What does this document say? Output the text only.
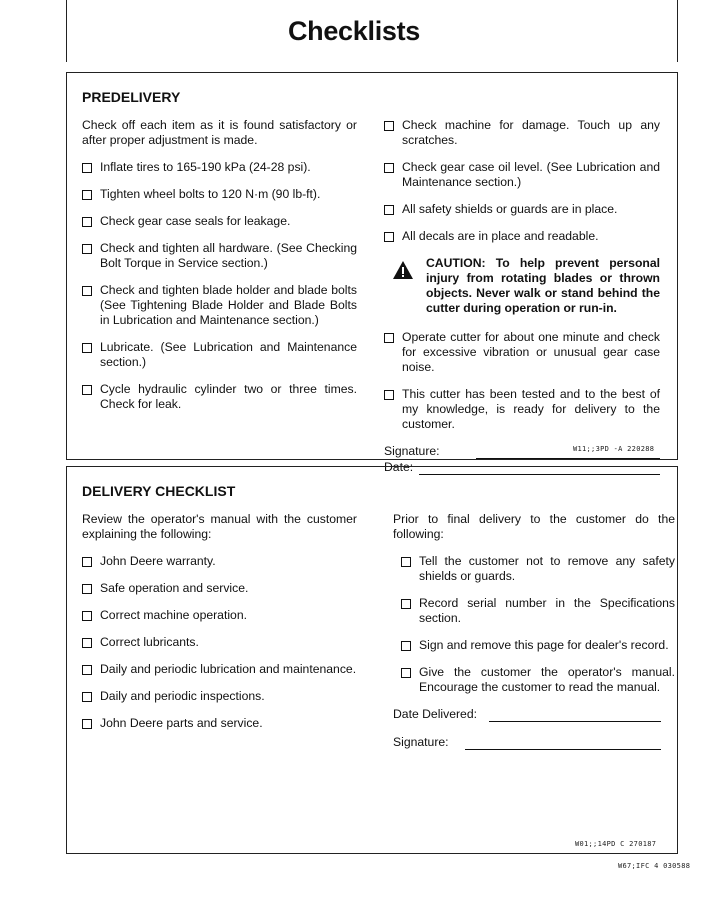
Checklists
PREDELIVERY

Check off each item as it is found satisfactory or after proper adjustment is made.

Inflate tires to 165-190 kPa (24-28 psi).
Tighten wheel bolts to 120 N·m (90 lb-ft).
Check gear case seals for leakage.
Check and tighten all hardware. (See Checking Bolt Torque in Service section.)
Check and tighten blade holder and blade bolts (See Tightening Blade Holder and Blade Bolts in Lubrication and Maintenance section.)
Lubricate. (See Lubrication and Maintenance section.)
Cycle hydraulic cylinder two or three times. Check for leak.
Check machine for damage. Touch up any scratches.
Check gear case oil level. (See Lubrication and Maintenance section.)
All safety shields or guards are in place.
All decals are in place and readable.
CAUTION: To help prevent personal injury from rotating blades or thrown objects. Never walk or stand behind the cutter during operation or run-in.
Operate cutter for about one minute and check for excessive vibration or unusual gear case noise.
This cutter has been tested and to the best of my knowledge, is ready for delivery to the customer.
Signature:
Date:
W11;;3PD -A 220288
DELIVERY CHECKLIST

Review the operator's manual with the customer explaining the following:

John Deere warranty.
Safe operation and service.
Correct machine operation.
Correct lubricants.
Daily and periodic lubrication and maintenance.
Daily and periodic inspections.
John Deere parts and service.

Prior to final delivery to the customer do the following:

Tell the customer not to remove any safety shields or guards.
Record serial number in the Specifications section.
Sign and remove this page for dealer's record.
Give the customer the operator's manual. Encourage the customer to read the manual.
Date Delivered:
Signature:
W01;;14PD C 270187
W67;IFC 4 030588
